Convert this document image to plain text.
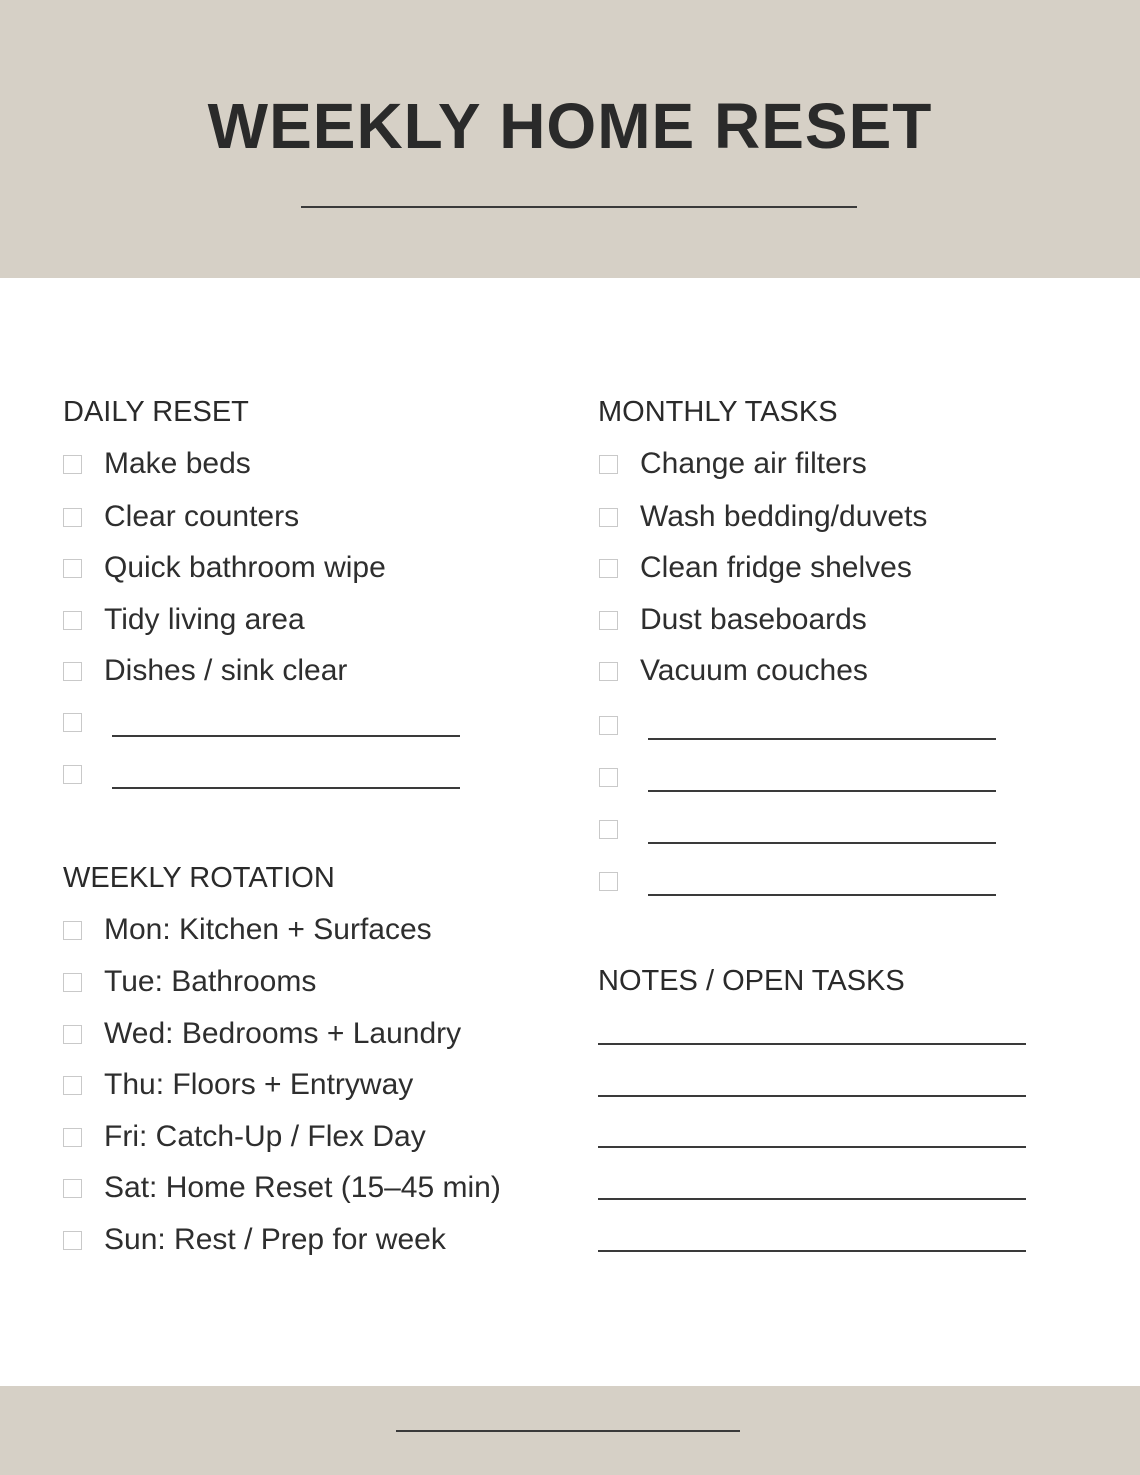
WEEKLY HOME RESET
DAILY RESET
Make beds
Clear counters
Quick bathroom wipe
Tidy living area
Dishes / sink clear
WEEKLY ROTATION
Mon: Kitchen + Surfaces
Tue: Bathrooms
Wed: Bedrooms + Laundry
Thu: Floors + Entryway
Fri: Catch-Up / Flex Day
Sat: Home Reset (15–45 min)
Sun: Rest / Prep for week
MONTHLY TASKS
Change air filters
Wash bedding/duvets
Clean fridge shelves
Dust baseboards
Vacuum couches
NOTES / OPEN TASKS
